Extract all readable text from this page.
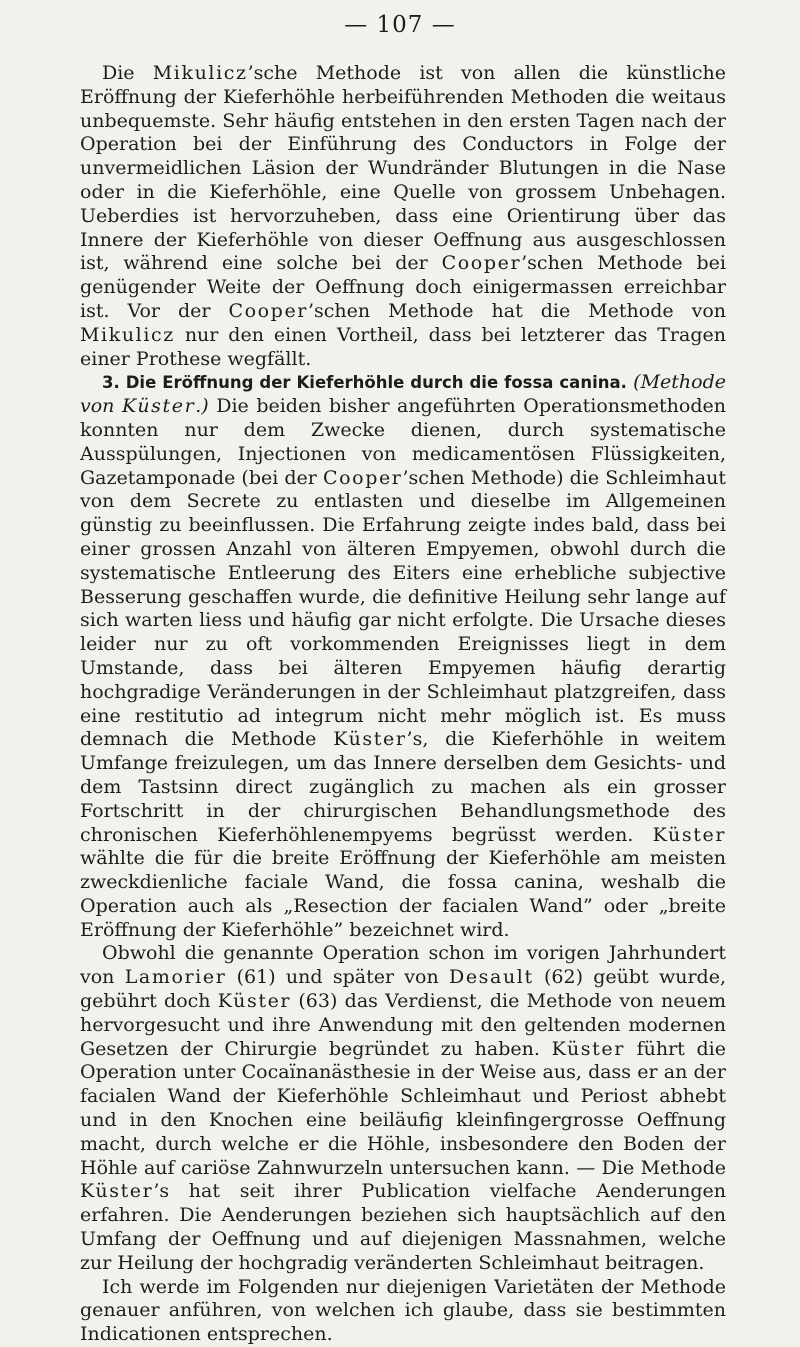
— 107 —

Die Mikulicz’sche Methode ist von allen die künstliche Eröffnung der Kieferhöhle herbeiführenden Methoden die weitaus unbequemste. Sehr häufig entstehen in den ersten Tagen nach der Operation bei der Einführung des Conductors in Folge der unvermeidlichen Läsion der Wundränder Blutungen in die Nase oder in die Kieferhöhle, eine Quelle von grossem Unbehagen. Ueberdies ist hervorzuheben, dass eine Orientirung über das Innere der Kieferhöhle von dieser Oeffnung aus ausgeschlossen ist, während eine solche bei der Cooper’schen Methode bei genügender Weite der Oeffnung doch einigermassen erreichbar ist. Vor der Cooper’schen Methode hat die Methode von Mikulicz nur den einen Vortheil, dass bei letzterer das Tragen einer Prothese wegfällt.

3. Die Eröffnung der Kieferhöhle durch die fossa canina. (Methode von Küster.) Die beiden bisher angeführten Operationsmethoden konnten nur dem Zwecke dienen, durch systematische Ausspülungen, Injectionen von medicamentösen Flüssigkeiten, Gazetamponade (bei der Cooper’schen Methode) die Schleimhaut von dem Secrete zu entlasten und dieselbe im Allgemeinen günstig zu beeinflussen. Die Erfahrung zeigte indes bald, dass bei einer grossen Anzahl von älteren Empyemen, obwohl durch die systematische Entleerung des Eiters eine erhebliche subjective Besserung geschaffen wurde, die definitive Heilung sehr lange auf sich warten liess und häufig gar nicht erfolgte. Die Ursache dieses leider nur zu oft vorkommenden Ereignisses liegt in dem Umstande, dass bei älteren Empyemen häufig derartig hochgradige Veränderungen in der Schleimhaut platzgreifen, dass eine restitutio ad integrum nicht mehr möglich ist. Es muss demnach die Methode Küster’s, die Kieferhöhle in weitem Umfange freizulegen, um das Innere derselben dem Gesichts- und dem Tastsinn direct zugänglich zu machen als ein grosser Fortschritt in der chirurgischen Behandlungsmethode des chronischen Kieferhöhlenempyems begrüsst werden. Küster wählte die für die breite Eröffnung der Kieferhöhle am meisten zweckdienliche faciale Wand, die fossa canina, weshalb die Operation auch als „Resection der facialen Wand” oder „breite Eröffnung der Kieferhöhle” bezeichnet wird.

Obwohl die genannte Operation schon im vorigen Jahrhundert von Lamorier (61) und später von Desault (62) geübt wurde, gebührt doch Küster (63) das Verdienst, die Methode von neuem hervorgesucht und ihre Anwendung mit den geltenden modernen Gesetzen der Chirurgie begründet zu haben. Küster führt die Operation unter Cocaïnanästhesie in der Weise aus, dass er an der facialen Wand der Kieferhöhle Schleimhaut und Periost abhebt und in den Knochen eine beiläufig kleinfingergrosse Oeffnung macht, durch welche er die Höhle, insbesondere den Boden der Höhle auf cariöse Zahnwurzeln untersuchen kann. — Die Methode Küster’s hat seit ihrer Publication vielfache Aenderungen erfahren. Die Aenderungen beziehen sich hauptsächlich auf den Umfang der Oeffnung und auf diejenigen Massnahmen, welche zur Heilung der hochgradig veränderten Schleimhaut beitragen.

Ich werde im Folgenden nur diejenigen Varietäten der Methode genauer anführen, von welchen ich glaube, dass sie bestimmten Indicationen entsprechen.
